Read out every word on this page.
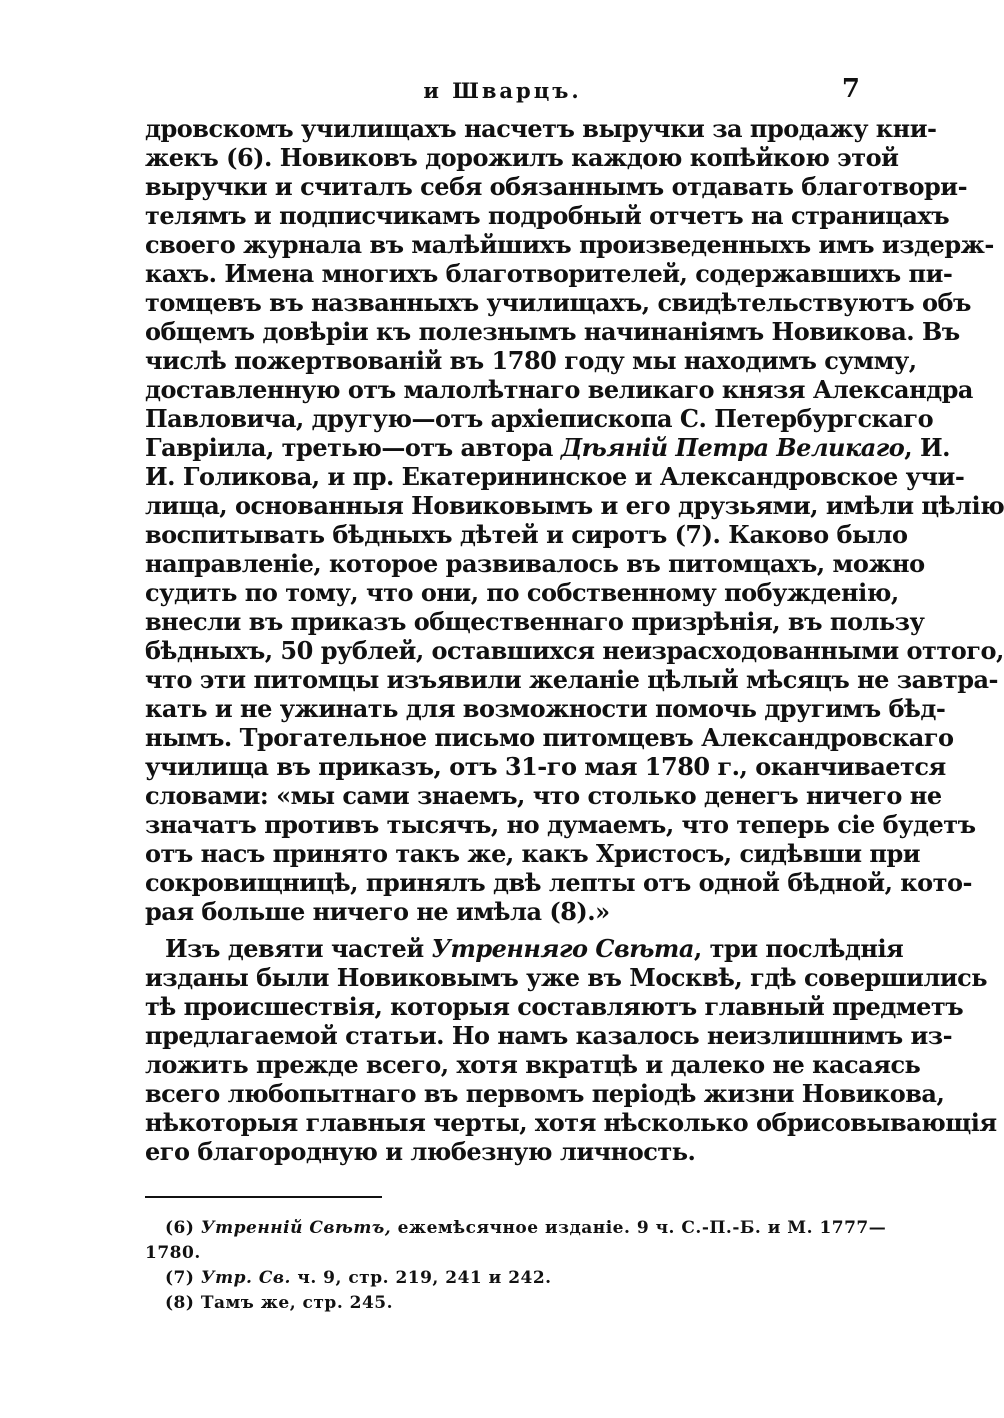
и Шварцъ.	7
дровскомъ училищахъ насчетъ выручки за продажу кни-
жекъ (6). Новиковъ дорожилъ каждою копѣйкою этой
выручки и считалъ себя обязаннымъ отдавать благотвори-
телямъ и подписчикамъ подробный отчетъ на страницахъ
своего журнала въ малѣйшихъ произведенныхъ имъ издерж-
кахъ. Имена многихъ благотворителей, содержавшихъ пи-
томцевъ въ названныхъ училищахъ, свидѣтельствуютъ объ
общемъ довѣріи къ полезнымъ начинаніямъ Новикова. Въ
числѣ пожертвованій въ 1780 году мы находимъ сумму,
доставленную отъ малолѣтнаго великаго князя Александра
Павловича, другую—отъ архіепископа С. Петербургскаго
Гавріила, третью—отъ автора Дѣяній Петра Великаго, И.
И. Голикова, и пр. Екатерининское и Александровское учи-
лища, основанныя Новиковымъ и его друзьями, имѣли цѣлію
воспитывать бѣдныхъ дѣтей и сиротъ (7). Каково было
направленіе, которое развивалось въ питомцахъ, можно
судить по тому, что они, по собственному побужденію,
внесли въ приказъ общественнаго призрѣнія, въ пользу
бѣдныхъ, 50 рублей, оставшихся неизрасходованными оттого,
что эти питомцы изъявили желаніе цѣлый мѣсяцъ не завтра-
кать и не ужинать для возможности помочь другимъ бѣд-
нымъ. Трогательное письмо питомцевъ Александровскаго
училища въ приказъ, отъ 31-го мая 1780 г., оканчивается
словами: «мы сами знаемъ, что столько денегъ ничего не
значатъ противъ тысячъ, но думаемъ, что теперь сіе будетъ
отъ насъ принято такъ же, какъ Христосъ, сидѣвши при
сокровищницѣ, принялъ двѣ лепты отъ одной бѣдной, кото-
рая больше ничего не имѣла (8).»
Изъ девяти частей Утренняго Свѣта, три послѣднія
изданы были Новиковымъ уже въ Москвѣ, гдѣ совершились
тѣ происшествія, которыя составляютъ главный предметъ
предлагаемой статьи. Но намъ казалось неизлишнимъ из-
ложить прежде всего, хотя вкратцѣ и далеко не касаясь
всего любопытнаго въ первомъ періодѣ жизни Новикова,
нѣкоторыя главныя черты, хотя нѣсколько обрисовывающія
его благородную и любезную личность.
(6) Утренній Свѣтъ, ежемѣсячное изданіе. 9 ч. С.-П.-Б. и М. 1777—
1780.
(7) Утр. Св. ч. 9, стр. 219, 241 и 242.
(8) Тамъ же, стр. 245.
